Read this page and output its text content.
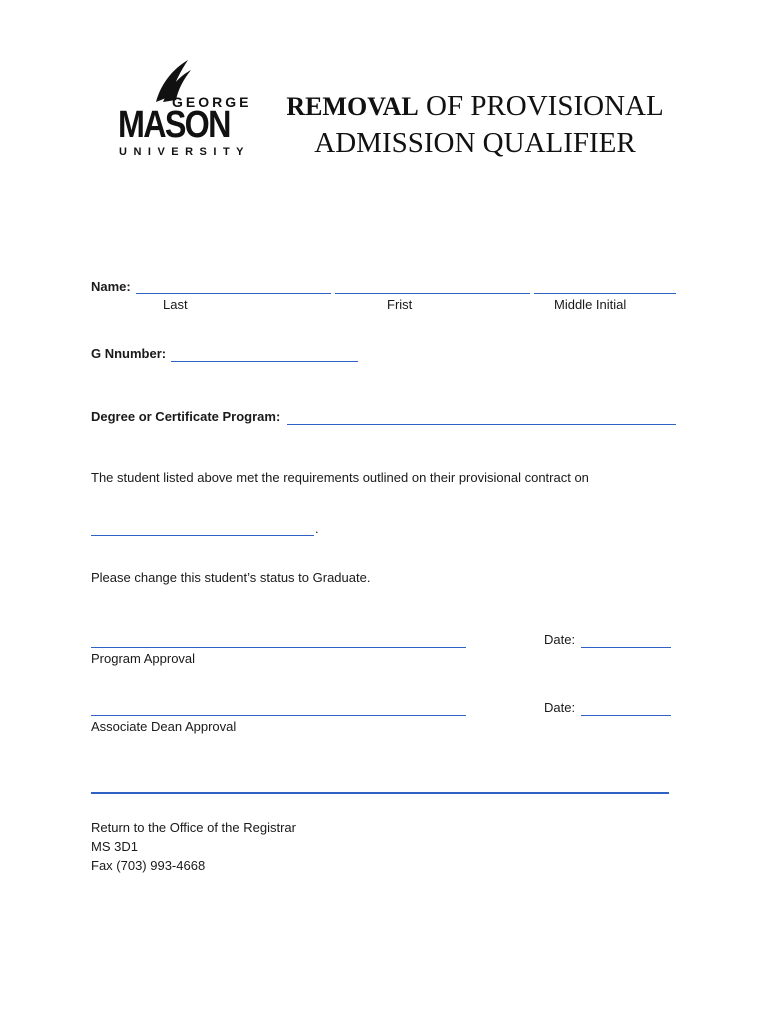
GEORGE
MASON
UNIVERSITY
REMOVAL OF PROVISIONAL
ADMISSION QUALIFIER
Name:
Last	Frist	Middle Initial
G Nnumber:
Degree or Certificate Program:
The student listed above met the requirements outlined on their provisional contract on
.
Please change this student’s status to Graduate.
Date:
Program Approval
Date:
Associate Dean Approval
Return to the Office of the Registrar
MS 3D1
Fax (703) 993-4668
